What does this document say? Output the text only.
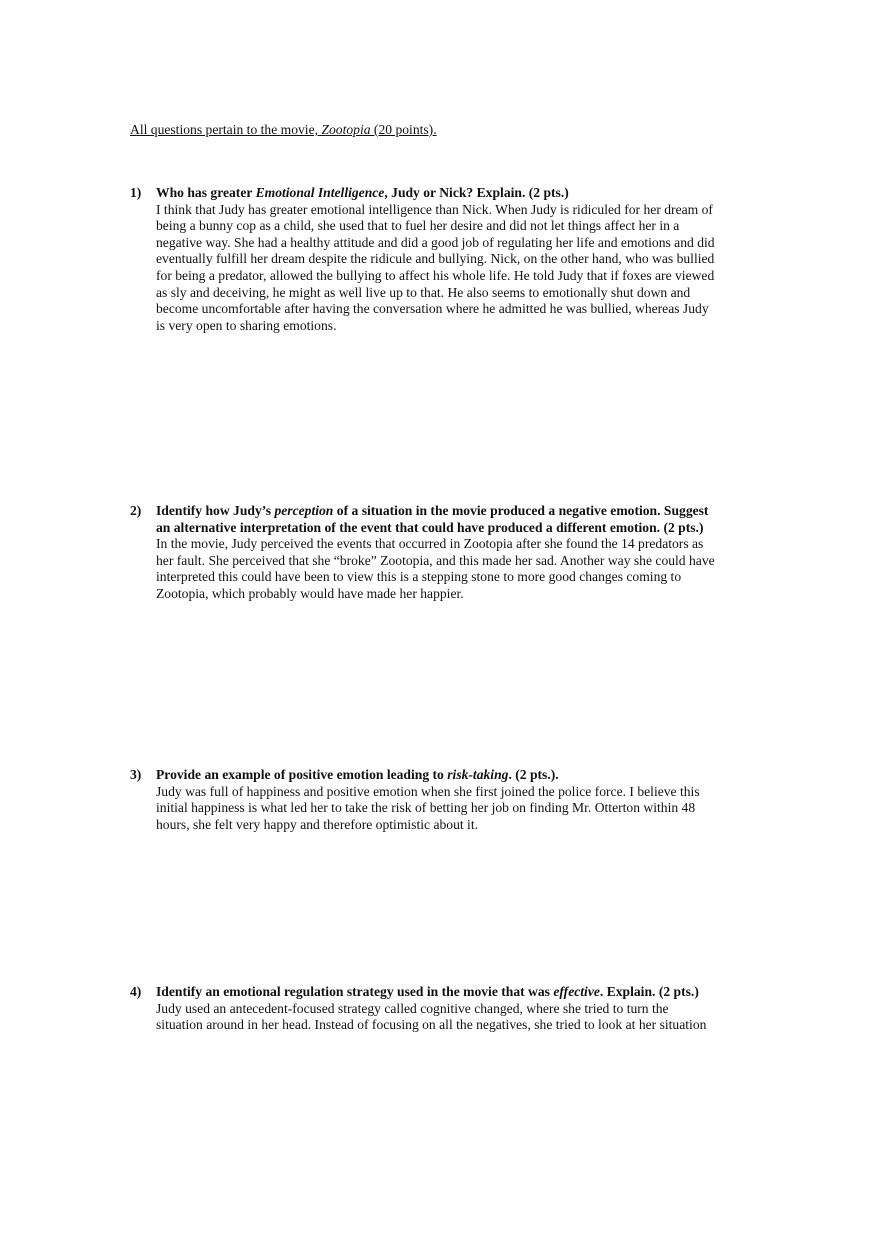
All questions pertain to the movie, Zootopia (20 points).
1) Who has greater Emotional Intelligence, Judy or Nick? Explain. (2 pts.)
I think that Judy has greater emotional intelligence than Nick. When Judy is ridiculed for her dream of
being a bunny cop as a child, she used that to fuel her desire and did not let things affect her in a
negative way. She had a healthy attitude and did a good job of regulating her life and emotions and did
eventually fulfill her dream despite the ridicule and bullying. Nick, on the other hand, who was bullied
for being a predator, allowed the bullying to affect his whole life. He told Judy that if foxes are viewed
as sly and deceiving, he might as well live up to that. He also seems to emotionally shut down and
become uncomfortable after having the conversation where he admitted he was bullied, whereas Judy
is very open to sharing emotions.
2) Identify how Judy’s perception of a situation in the movie produced a negative emotion. Suggest
an alternative interpretation of the event that could have produced a different emotion. (2 pts.)
In the movie, Judy perceived the events that occurred in Zootopia after she found the 14 predators as
her fault. She perceived that she “broke” Zootopia, and this made her sad. Another way she could have
interpreted this could have been to view this is a stepping stone to more good changes coming to
Zootopia, which probably would have made her happier.
3) Provide an example of positive emotion leading to risk-taking. (2 pts.).
Judy was full of happiness and positive emotion when she first joined the police force. I believe this
initial happiness is what led her to take the risk of betting her job on finding Mr. Otterton within 48
hours, she felt very happy and therefore optimistic about it.
4) Identify an emotional regulation strategy used in the movie that was effective. Explain. (2 pts.)
Judy used an antecedent-focused strategy called cognitive changed, where she tried to turn the
situation around in her head. Instead of focusing on all the negatives, she tried to look at her situation
